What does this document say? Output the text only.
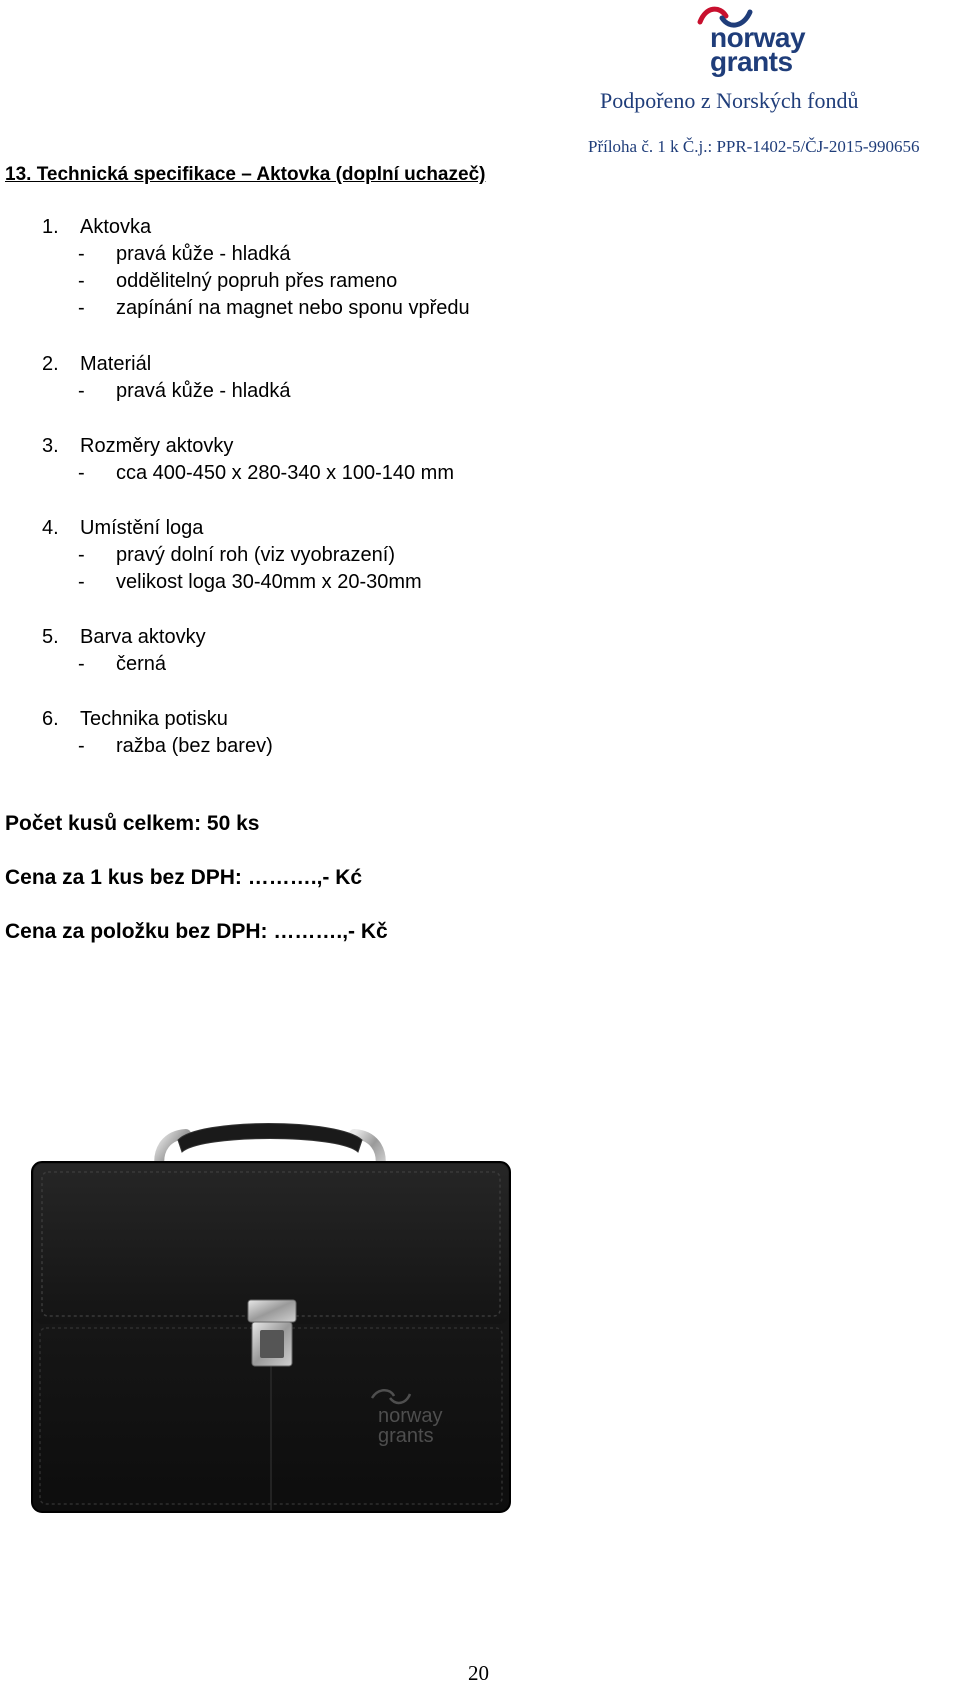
norway
grants
Podpořeno z Norských fondů
Příloha č. 1 k Č.j.: PPR-1402-5/ČJ-2015-990656
13. Technická specifikace – Aktovka (doplní uchazeč)
1. Aktovka
- pravá kůže - hladká
- oddělitelný popruh přes rameno
- zapínání na magnet nebo sponu vpředu
2. Materiál
- pravá kůže - hladká
3. Rozměry aktovky
- cca 400-450 x 280-340 x 100-140 mm
4. Umístění loga
- pravý dolní roh (viz vyobrazení)
- velikost loga 30-40mm x 20-30mm
5. Barva aktovky
- černá
6. Technika potisku
- ražba (bez barev)
Počet kusů celkem: 50 ks
Cena za 1 kus bez DPH: ……….,- Kć
Cena za položku bez DPH: ……….,- Kč
norway
grants
20
